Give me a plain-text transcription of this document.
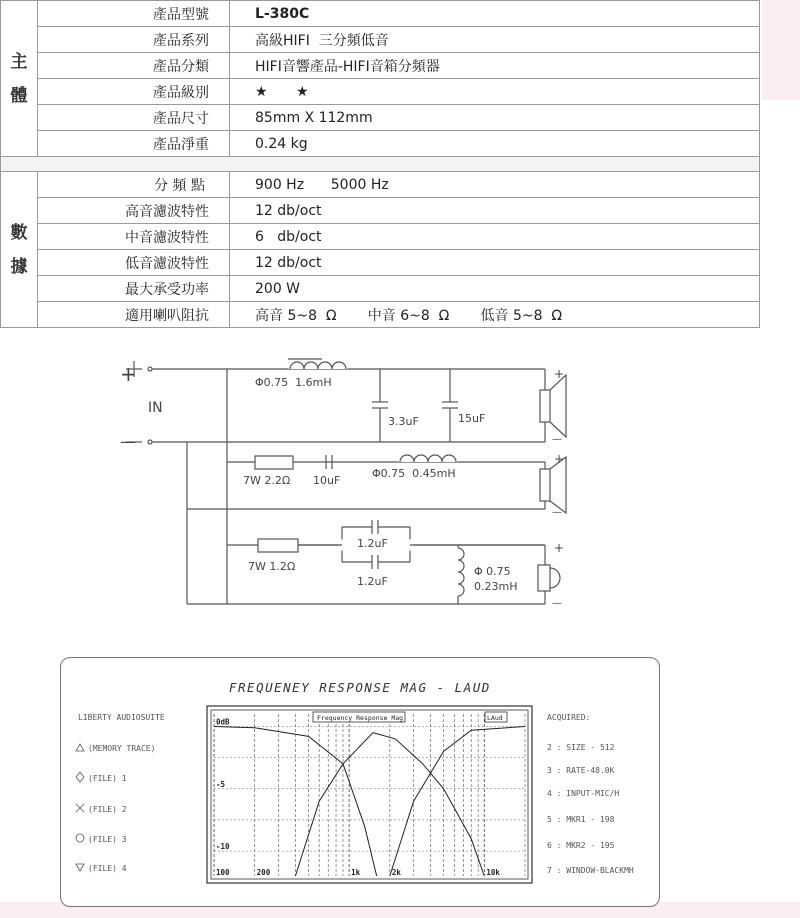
主體	產品型號	L-380C
	產品系列	高級HIFI  三分頻低音
	產品分類	HIFI音響產品-HIFI音箱分頻器
	產品級別	★ ★
	產品尺寸	85mm X 112mm
	產品淨重	0.24 kg

數據	分 頻 點	900 Hz      5000 Hz
	高音濾波特性	12 db/oct
	中音濾波特性	6   db/oct
	低音濾波特性	12 db/oct
	最大承受功率	200 W
	適用喇叭阻抗	高音 5~8  Ω       中音 6~8  Ω       低音 5~8  Ω
+
IN
—
Φ0.75  1.6mH
3.3uF	15uF
7W 2.2Ω 10uF
Φ0.75  0.45mH
1.2uF
1.2uF
7W 1.2Ω	Φ 0.75
0.23mH
+
—
+
—
+
—
FREQUENEY RESPONSE MAG - LAUD
LIBERTY AUDIOSUITE
(MEMORY TRACE)
(FILE) 1
(FILE) 2
(FILE) 3
(FILE) 4
ACQUIRED:
2 : SIZE - 512
3 : RATE-48.0K
4 : INPUT-MIC/H
5 : MKR1 - 198
6 : MKR2 - 195
7 : WINDOW-BLACKMH
0dB
-5
-10
100	200	1k	2k	10k
Frequency Response Mag	LAud
